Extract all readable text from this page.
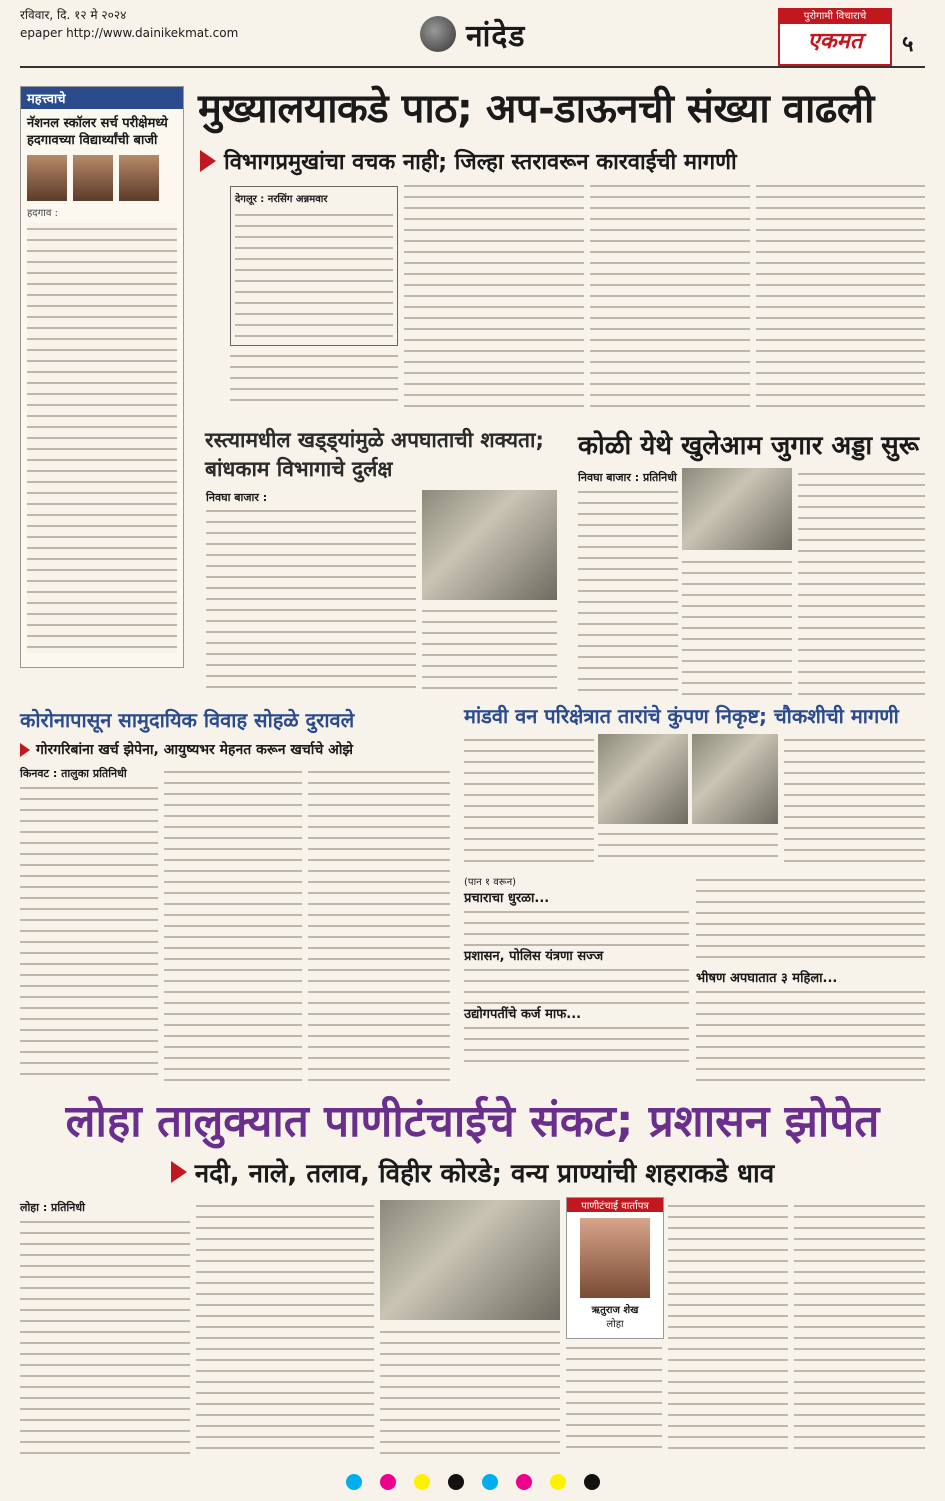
रविवार, दि. १२ मे २०२४
epaper http://www.dainikekmat.com	नांदेड
पुरोगामी विचाराचे
एकमत	५
महत्त्वाचे
नॅशनल स्कॉलर सर्च परीक्षेमध्ये हदगावच्या विद्यार्थ्यांची बाजी
हदगाव :
मुख्यालयाकडे पाठ; अप-डाऊनची संख्या वाढली
विभागप्रमुखांचा वचक नाही; जिल्हा स्तरावरून कारवाईची मागणी
देगलूर : नरसिंग अन्नमवार
रस्त्यामधील खड्ड्यांमुळे अपघाताची शक्यता; बांधकाम विभागाचे दुर्लक्ष
निवघा बाजार :
कोळी येथे खुलेआम जुगार अड्डा सुरू
निवघा बाजार : प्रतिनिधी
कोरोनापासून सामुदायिक विवाह सोहळे दुरावले
गोरगरिबांना खर्च झेपेना, आयुष्यभर मेहनत करून खर्चाचे ओझे
किनवट : तालुका प्रतिनिधी
मांडवी वन परिक्षेत्रात तारांचे कुंपण निकृष्ट; चौकशीची मागणी
(पान १ वरून)
प्रचाराचा धुरळा...
प्रशासन, पोलिस यंत्रणा सज्ज
उद्योगपतींचे कर्ज माफ...
भीषण अपघातात ३ महिला...
लोहा तालुक्यात पाणीटंचाईचे संकट; प्रशासन झोपेत
नदी, नाले, तलाव, विहीर कोरडे; वन्य प्राण्यांची शहराकडे धाव
लोहा : प्रतिनिधी	पाणीटंचाई वार्तापत्र
ऋतुराज शेख
लोहा
